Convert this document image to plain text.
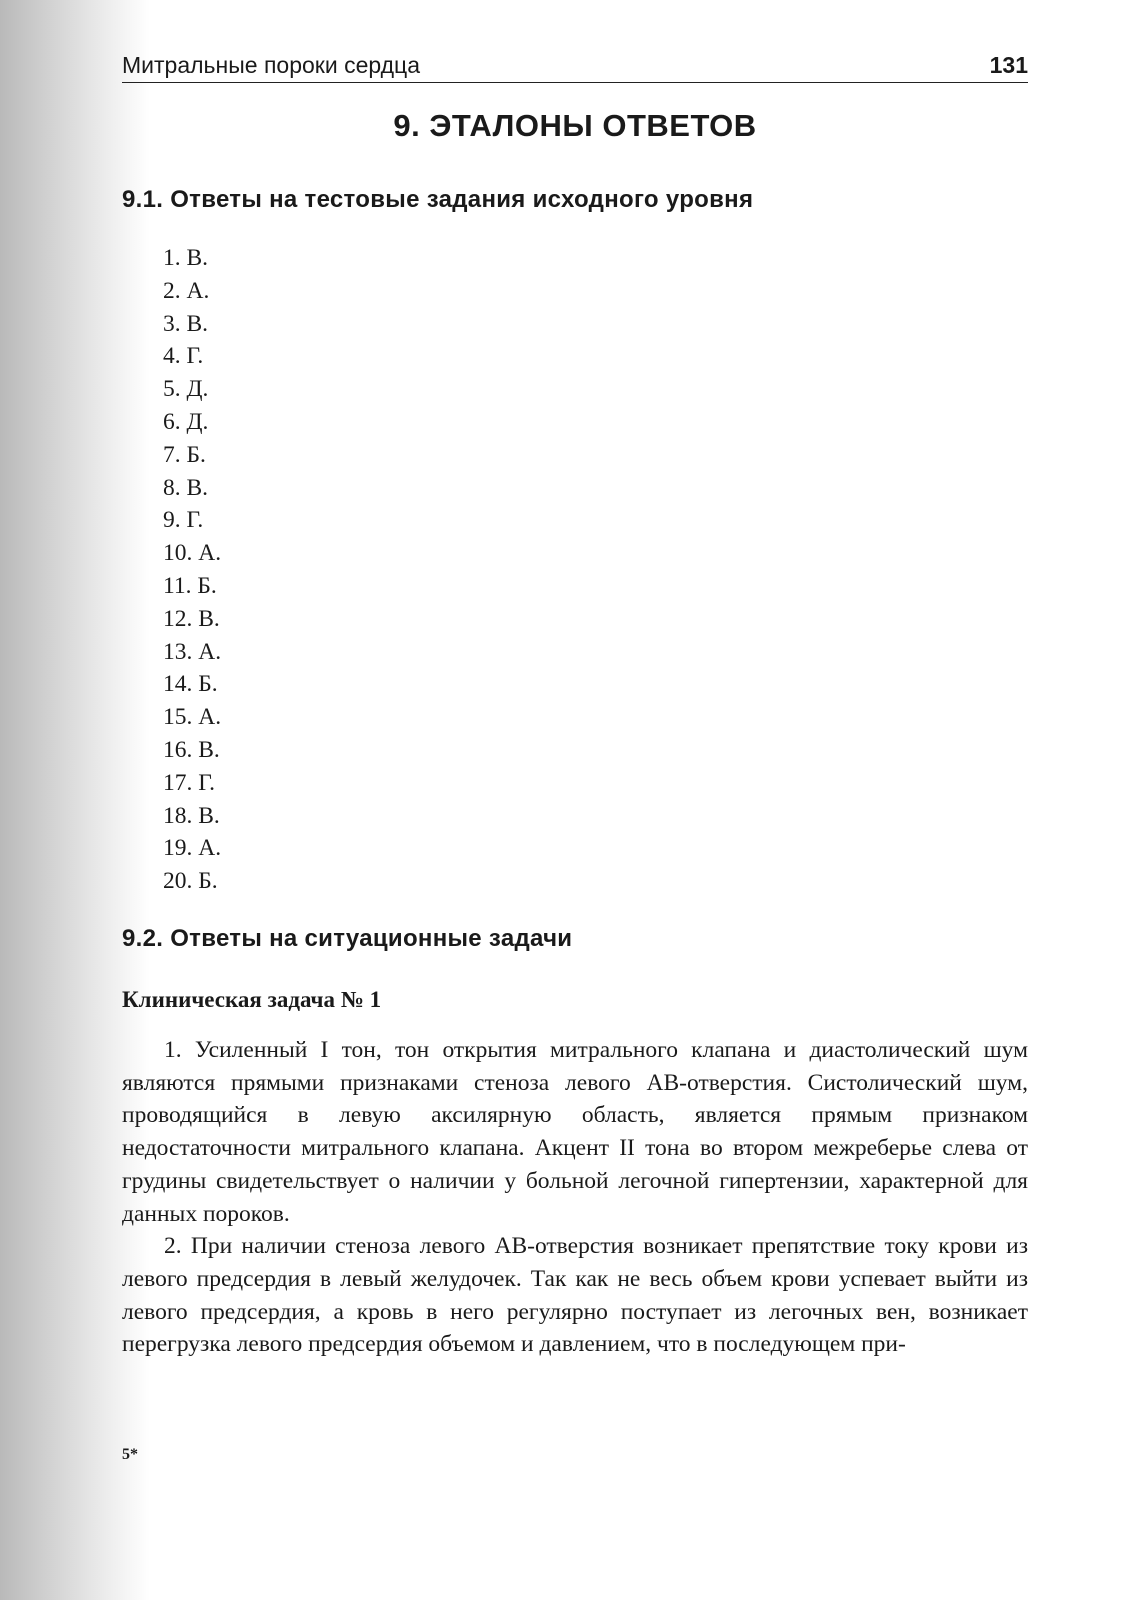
Митральные пороки сердца	131
9. ЭТАЛОНЫ ОТВЕТОВ
9.1. Ответы на тестовые задания исходного уровня
1. В.
2. А.
3. В.
4. Г.
5. Д.
6. Д.
7. Б.
8. В.
9. Г.
10. А.
11. Б.
12. В.
13. А.
14. Б.
15. А.
16. В.
17. Г.
18. В.
19. А.
20. Б.
9.2. Ответы на ситуационные задачи
Клиническая задача № 1

1. Усиленный I тон, тон открытия митрального клапана и диастолический шум являются прямыми признаками стеноза левого АВ-отверстия. Систолический шум, проводящийся в левую аксилярную область, является прямым признаком недостаточности митрального клапана. Акцент II тона во втором межреберье слева от грудины свидетельствует о наличии у больной легочной гипертензии, характерной для данных пороков.

2. При наличии стеноза левого АВ-отверстия возникает препятствие току крови из левого предсердия в левый желудочек. Так как не весь объем крови успевает выйти из левого предсердия, а кровь в него регулярно поступает из легочных вен, возникает перегрузка левого предсердия объемом и давлением, что в последующем при-

5*
